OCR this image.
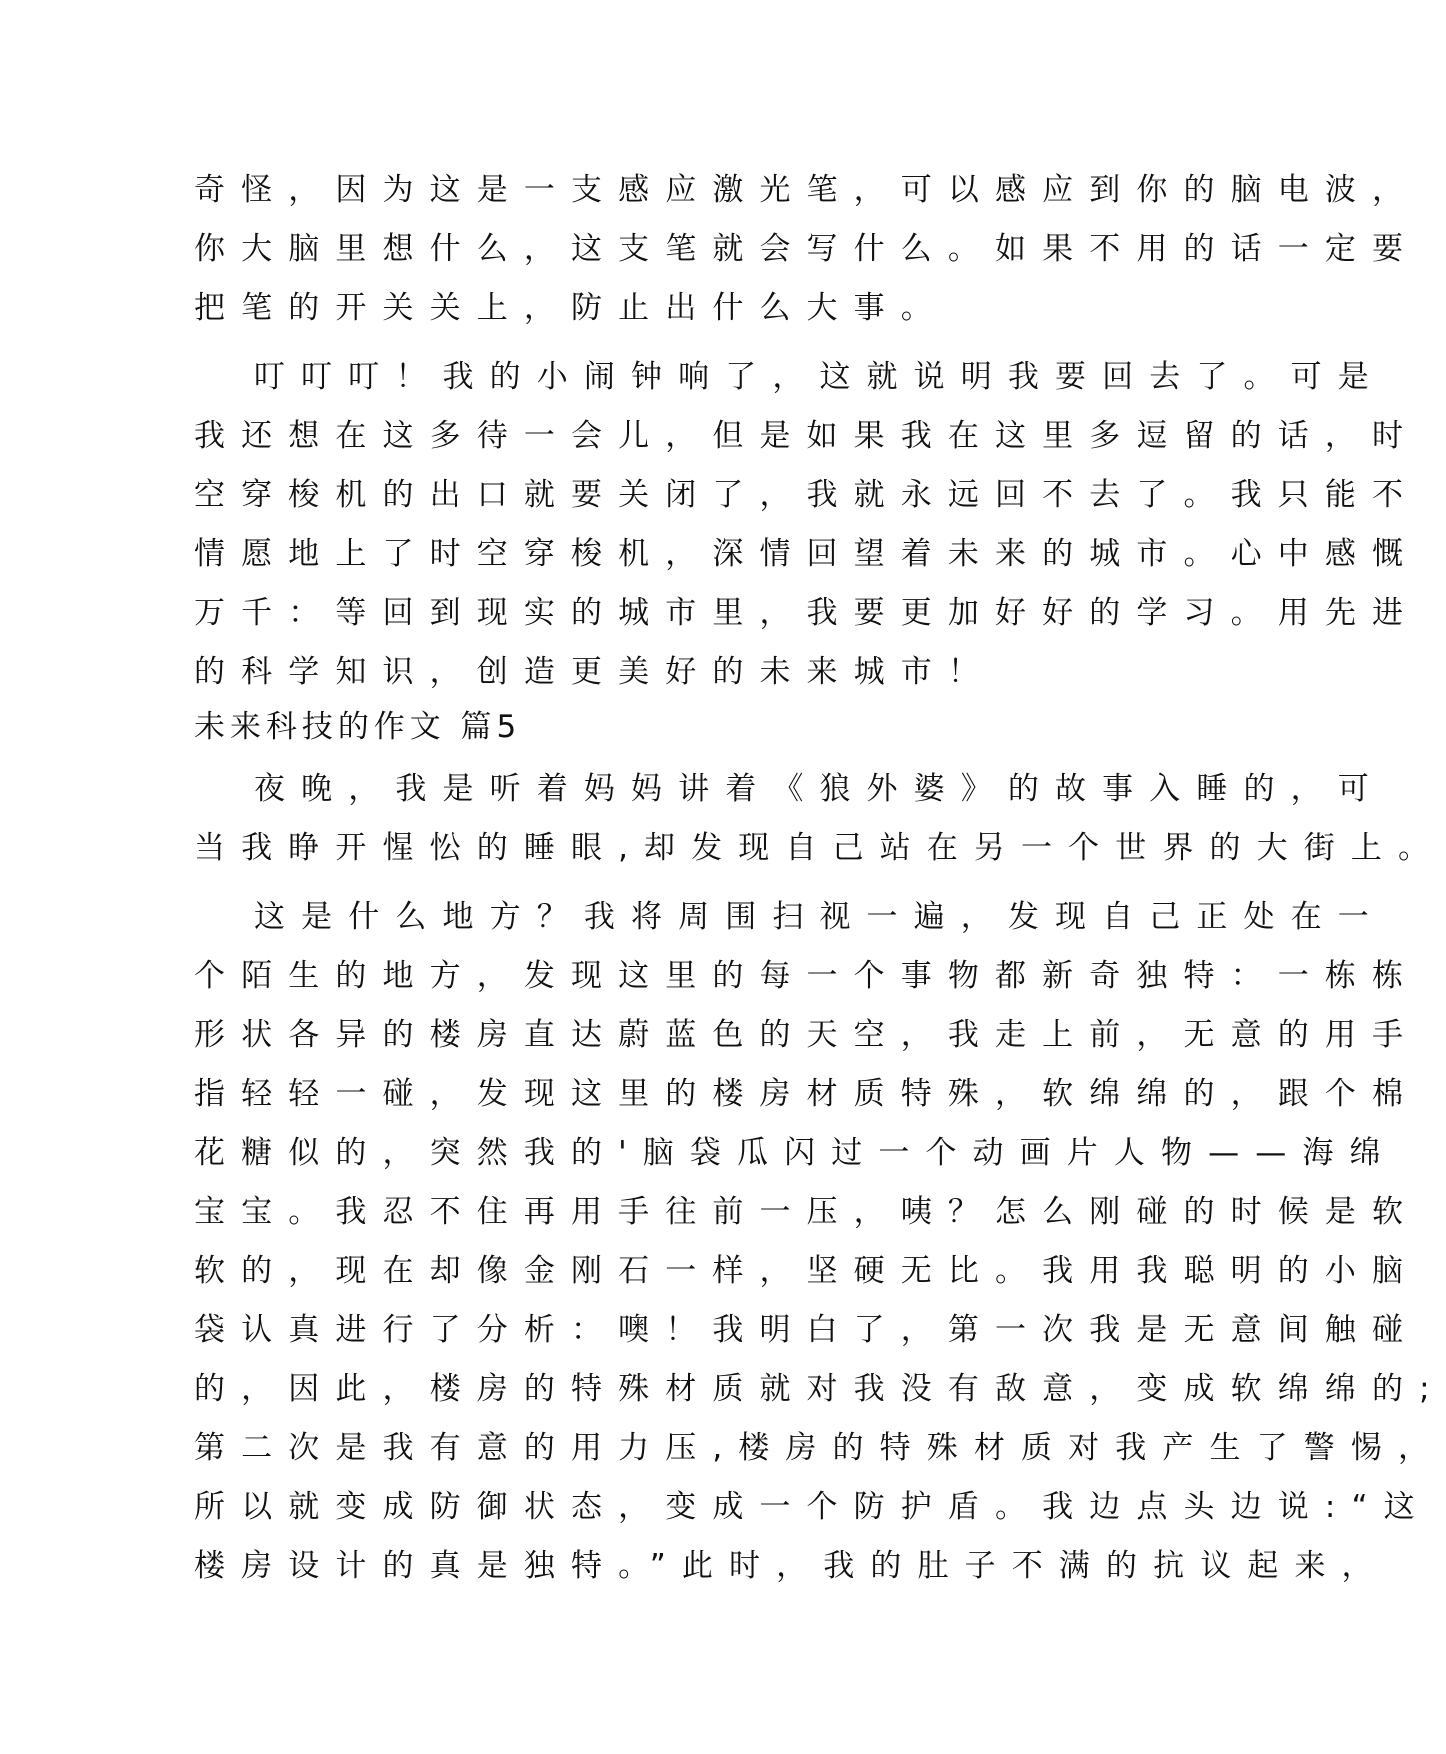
奇怪，因为这是一支感应激光笔，可以感应到你的脑电波，
你大脑里想什么，这支笔就会写什么。如果不用的话一定要
把笔的开关关上，防止出什么大事。
叮叮叮！我的小闹钟响了，这就说明我要回去了。可是
我还想在这多待一会儿，但是如果我在这里多逗留的话，时
空穿梭机的出口就要关闭了，我就永远回不去了。我只能不
情愿地上了时空穿梭机，深情回望着未来的城市。心中感慨
万千：等回到现实的城市里，我要更加好好的学习。用先进
的科学知识，创造更美好的未来城市！
未来科技的作文 篇5
夜晚，我是听着妈妈讲着《狼外婆》的故事入睡的，可
当我睁开惺忪的睡眼,却发现自己站在另一个世界的大街上。
这是什么地方？我将周围扫视一遍，发现自己正处在一
个陌生的地方，发现这里的每一个事物都新奇独特：一栋栋
形状各异的楼房直达蔚蓝色的天空，我走上前，无意的用手
指轻轻一碰，发现这里的楼房材质特殊，软绵绵的，跟个棉
花糖似的，突然我的'脑袋瓜闪过一个动画片人物——海绵
宝宝。我忍不住再用手往前一压，咦？怎么刚碰的时候是软
软的，现在却像金刚石一样，坚硬无比。我用我聪明的小脑
袋认真进行了分析：噢！我明白了，第一次我是无意间触碰
的，因此，楼房的特殊材质就对我没有敌意，变成软绵绵的;
第二次是我有意的用力压,楼房的特殊材质对我产生了警惕，
所以就变成防御状态，变成一个防护盾。我边点头边说:“这
楼房设计的真是独特。”此时，我的肚子不满的抗议起来，
